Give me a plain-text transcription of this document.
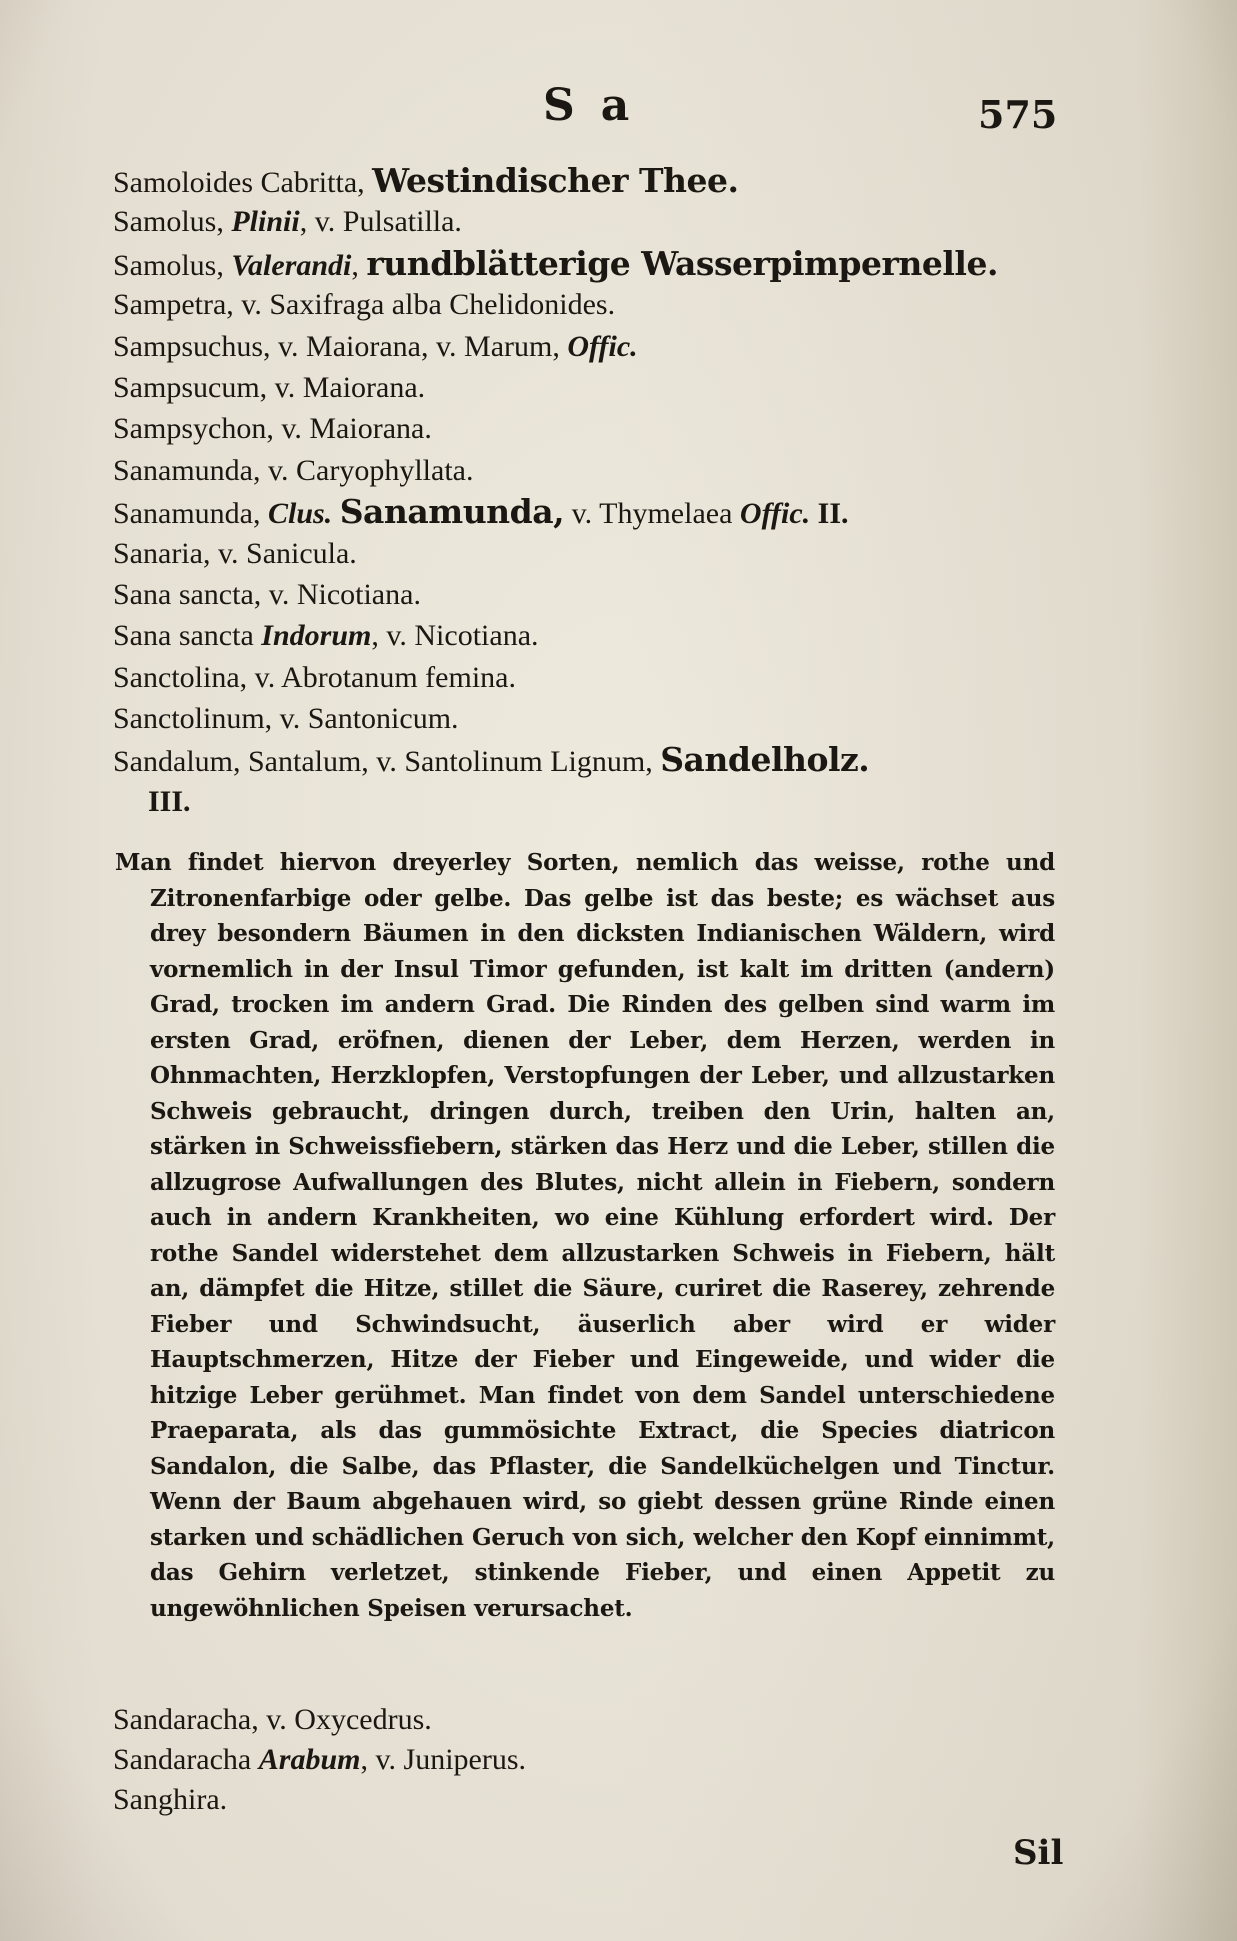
Sa	575
Samoloides Cabritta, Westindischer Thee.
Samolus, Plinii, v. Pulsatilla.
Samolus, Valerandi, rundblätterige Wasserpimpernelle.
Sampetra, v. Saxifraga alba Chelidonides.
Sampsuchus, v. Maiorana, v. Marum, Offic.
Sampsucum, v. Maiorana.
Sampsychon, v. Maiorana.
Sanamunda, v. Caryophyllata.
Sanamunda, Clus. Sanamunda, v. Thymelaea Offic. II.
Sanaria, v. Sanicula.
Sana sancta, v. Nicotiana.
Sana sancta Indorum, v. Nicotiana.
Sanctolina, v. Abrotanum femina.
Sanctolinum, v. Santonicum.
Sandalum, Santalum, v. Santolinum Lignum, Sandelholz.
III.
Man findet hiervon dreyerley Sorten, nemlich das weisse, rothe und Zitronenfarbige oder gelbe. Das gelbe ist das beste; es wächset aus drey besondern Bäumen in den dicksten Indianischen Wäldern, wird vornemlich in der Insul Timor gefunden, ist kalt im dritten (andern) Grad, trocken im andern Grad. Die Rinden des gelben sind warm im ersten Grad, eröfnen, dienen der Leber, dem Herzen, werden in Ohnmachten, Herzklopfen, Verstopfungen der Leber, und allzustarken Schweis gebraucht, dringen durch, treiben den Urin, halten an, stärken in Schweissfiebern, stärken das Herz und die Leber, stillen die allzugrose Aufwallungen des Blutes, nicht allein in Fiebern, sondern auch in andern Krankheiten, wo eine Kühlung erfordert wird. Der rothe Sandel widerstehet dem allzustarken Schweis in Fiebern, hält an, dämpfet die Hitze, stillet die Säure, curiret die Raserey, zehrende Fieber und Schwindsucht, äuserlich aber wird er wider Hauptschmerzen, Hitze der Fieber und Eingeweide, und wider die hitzige Leber gerühmet. Man findet von dem Sandel unterschiedene Praeparata, als das gummösichte Extract, die Species diatricon Sandalon, die Salbe, das Pflaster, die Sandelküchelgen und Tinctur. Wenn der Baum abgehauen wird, so giebt dessen grüne Rinde einen starken und schädlichen Geruch von sich, welcher den Kopf einnimmt, das Gehirn verletzet, stinkende Fieber, und einen Appetit zu ungewöhnlichen Speisen verursachet.
Sandaracha, v. Oxycedrus.
Sandaracha Arabum, v. Juniperus.
Sanghira.
Sil
